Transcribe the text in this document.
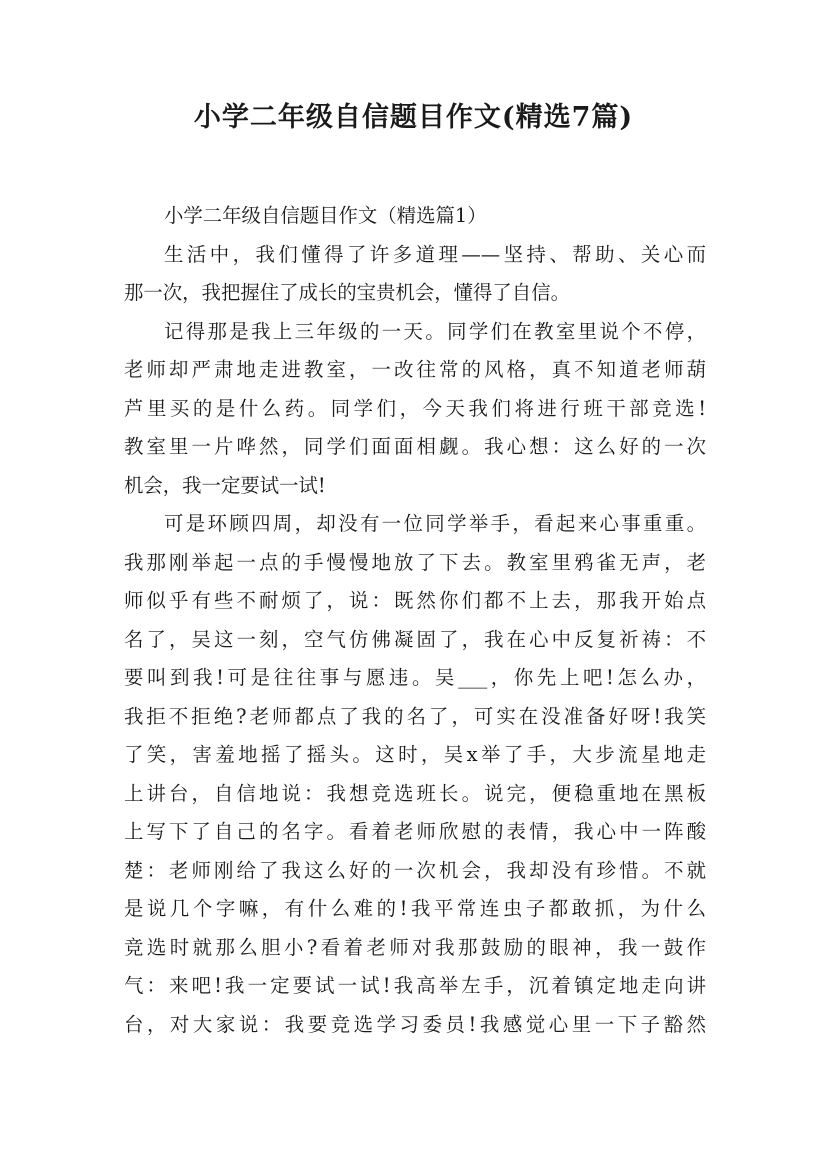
小学二年级自信题目作文(精选7篇)
小学二年级自信题目作文（精选篇1）
生活中，我们懂得了许多道理——坚持、帮助、关心而
那一次，我把握住了成长的宝贵机会，懂得了自信。
记得那是我上三年级的一天。同学们在教室里说个不停，
老师却严肃地走进教室，一改往常的风格，真不知道老师葫
芦里买的是什么药。同学们，今天我们将进行班干部竞选!
教室里一片哗然，同学们面面相觑。我心想：这么好的一次
机会，我一定要试一试!
可是环顾四周，却没有一位同学举手，看起来心事重重。
我那刚举起一点的手慢慢地放了下去。教室里鸦雀无声，老
师似乎有些不耐烦了，说：既然你们都不上去，那我开始点
名了，吴这一刻，空气仿佛凝固了，我在心中反复祈祷：不
要叫到我!可是往往事与愿违。吴___，你先上吧!怎么办，
我拒不拒绝?老师都点了我的名了，可实在没准备好呀!我笑
了笑，害羞地摇了摇头。这时，吴x举了手，大步流星地走
上讲台，自信地说：我想竞选班长。说完，便稳重地在黑板
上写下了自己的名字。看着老师欣慰的表情，我心中一阵酸
楚：老师刚给了我这么好的一次机会，我却没有珍惜。不就
是说几个字嘛，有什么难的!我平常连虫子都敢抓，为什么
竞选时就那么胆小?看着老师对我那鼓励的眼神，我一鼓作
气：来吧!我一定要试一试!我高举左手，沉着镇定地走向讲
台，对大家说：我要竞选学习委员!我感觉心里一下子豁然
